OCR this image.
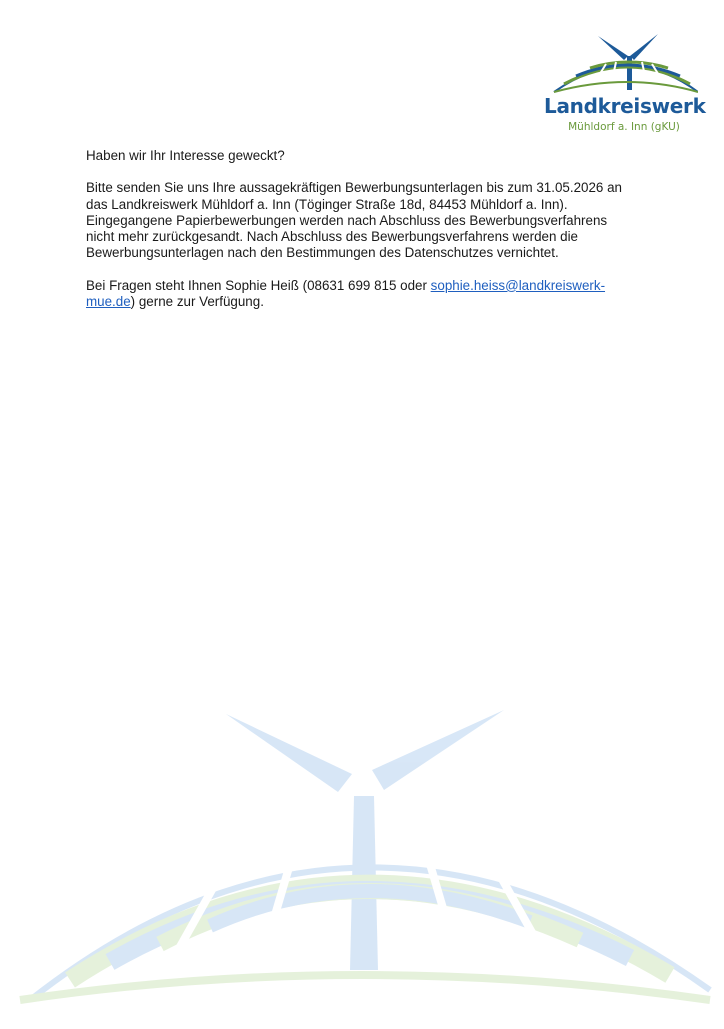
Landkreiswerk
Mühldorf a. Inn (gKU)

Haben wir Ihr Interesse geweckt?

Bitte senden Sie uns Ihre aussagekräftigen Bewerbungsunterlagen bis zum 31.05.2026 an das Landkreiswerk Mühldorf a. Inn (Töginger Straße 18d, 84453 Mühldorf a. Inn). Eingegangene Papierbewerbungen werden nach Abschluss des Bewerbungsverfahrens nicht mehr zurückgesandt. Nach Abschluss des Bewerbungsverfahrens werden die Bewerbungsunterlagen nach den Bestimmungen des Datenschutzes vernichtet.

Bei Fragen steht Ihnen Sophie Heiß (08631 699 815 oder sophie.heiss@landkreiswerk-mue.de) gerne zur Verfügung.
